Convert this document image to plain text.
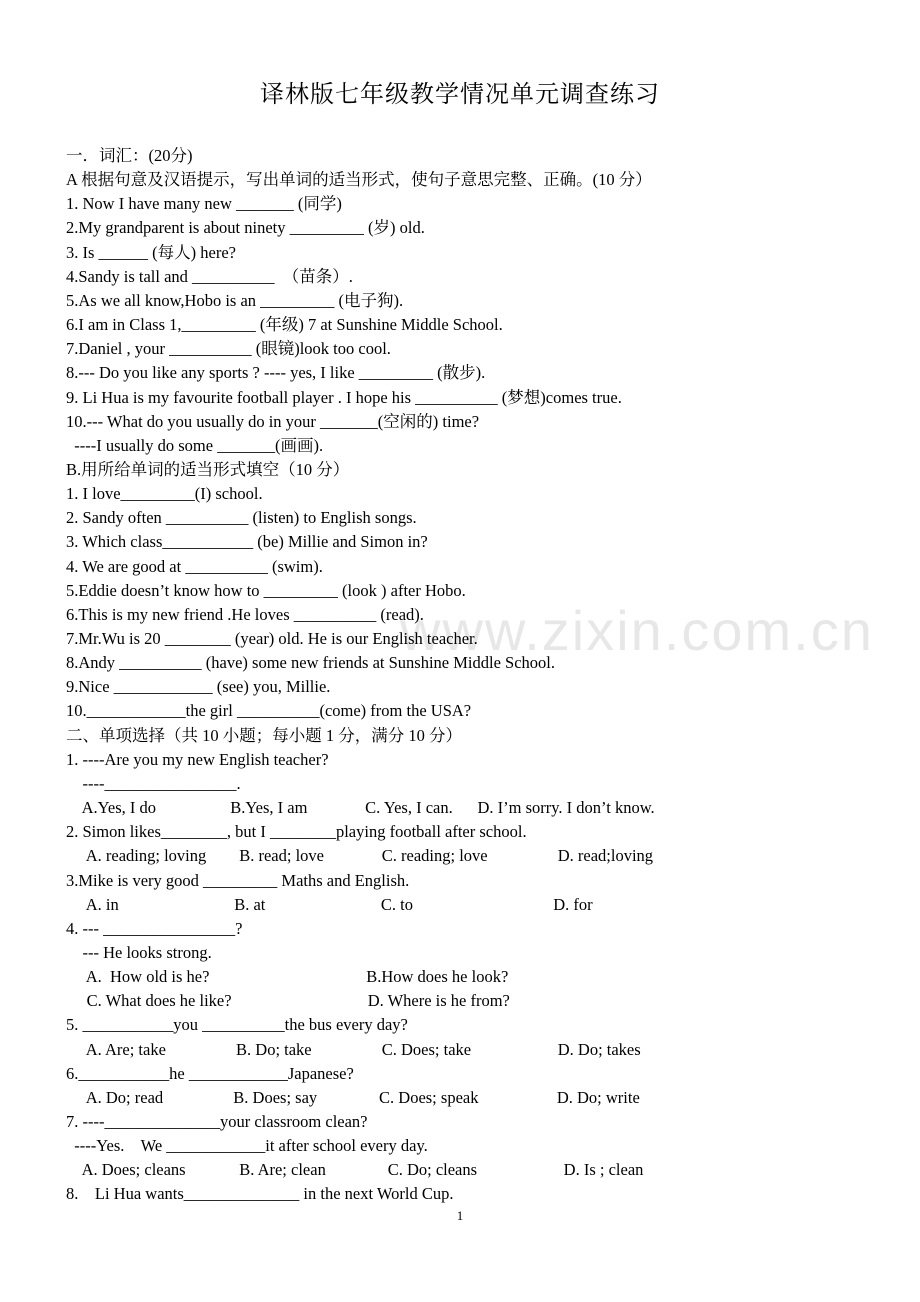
译林版七年级教学情况单元调查练习
www.zixin.com.cn
一．词汇：(20分)
A 根据句意及汉语提示，写出单词的适当形式，使句子意思完整、正确。(10 分）
1. Now I have many new _______ (同学)
2.My grandparent is about ninety _________ (岁) old.
3. Is ______ (每人) here?
4.Sandy is tall and __________  （苗条）.
5.As we all know,Hobo is an _________ (电子狗).
6.I am in Class 1,_________ (年级) 7 at Sunshine Middle School.
7.Daniel , your __________ (眼镜)look too cool.
8.--- Do you like any sports ? ---- yes, I like _________ (散步).
9. Li Hua is my favourite football player . I hope his __________ (梦想)comes true.
10.--- What do you usually do in your _______(空闲的) time?
----I usually do some _______(画画).
B.用所给单词的适当形式填空（10 分）
1. I love_________(I) school.
2. Sandy often __________ (listen) to English songs.
3. Which class___________ (be) Millie and Simon in?
4. We are good at __________ (swim).
5.Eddie doesn’t know how to _________ (look ) after Hobo.
6.This is my new friend .He loves __________ (read).
7.Mr.Wu is 20 ________ (year) old. He is our English teacher.
8.Andy __________ (have) some new friends at Sunshine Middle School.
9.Nice ____________ (see) you, Millie.
10.____________the girl __________(come) from the USA?
二、单项选择（共 10 小题；每小题 1 分，满分 10 分）
1. ----Are you my new English teacher?
----________________.
A.Yes, I do                  B.Yes, I am              C. Yes, I can.      D. I’m sorry. I don’t know.
2. Simon likes________, but I ________playing football after school.
A. reading; loving        B. read; love              C. reading; love                 D. read;loving
3.Mike is very good _________ Maths and English.
A. in                            B. at                            C. to                                  D. for
4. --- ________________?
--- He looks strong.
A.  How old is he?                                      B.How does he look?
C. What does he like?                                 D. Where is he from?
5. ___________you __________the bus every day?
A. Are; take                 B. Do; take                 C. Does; take                     D. Do; takes
6.___________he ____________Japanese?
A. Do; read                 B. Does; say               C. Does; speak                   D. Do; write
7. ----______________your classroom clean?
----Yes.    We ____________it after school every day.
A. Does; cleans             B. Are; clean               C. Do; cleans                     D. Is ; clean
8.    Li Hua wants______________ in the next World Cup.
1
